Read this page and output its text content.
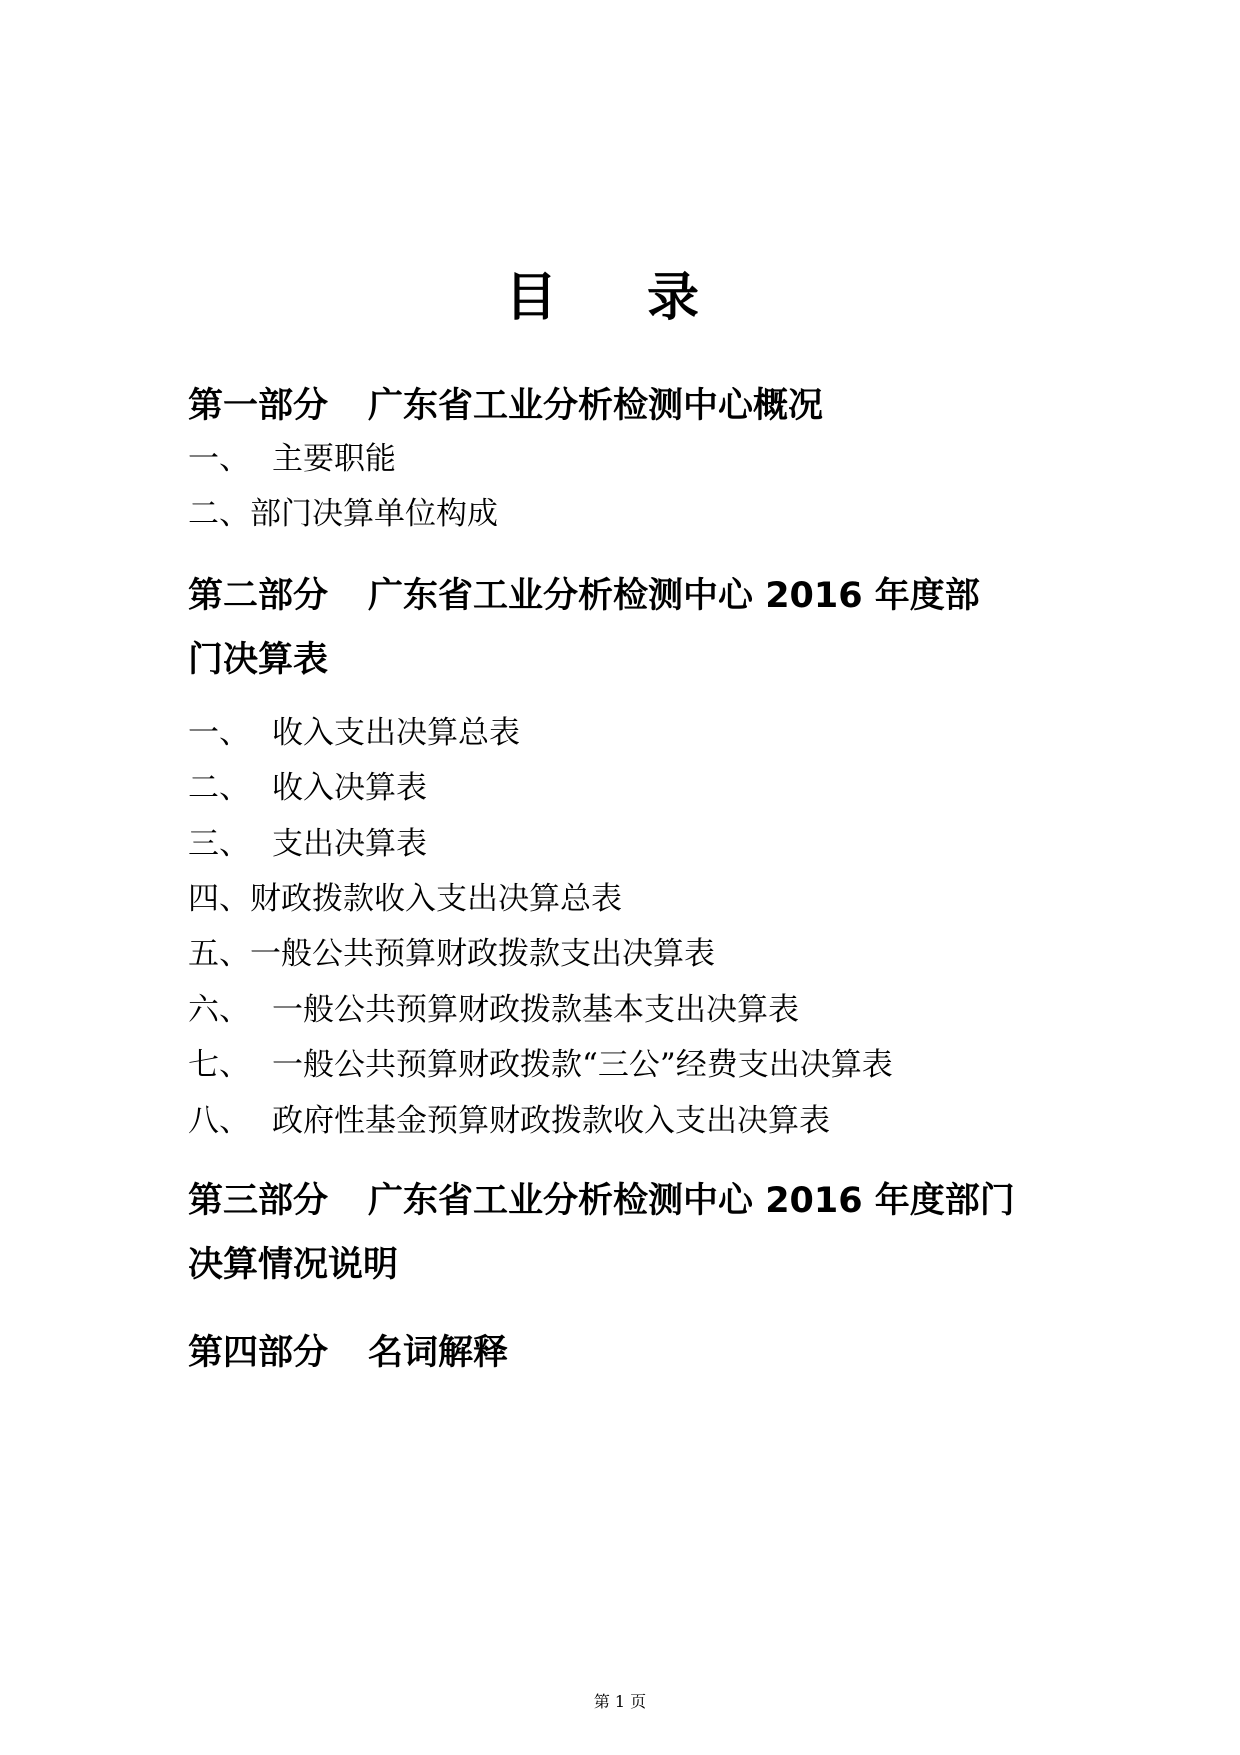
目 录
第一部分 广东省工业分析检测中心概况
一、 主要职能
二、部门决算单位构成
第二部分 广东省工业分析检测中心 2016 年度部
门决算表
一、 收入支出决算总表
二、 收入决算表
三、 支出决算表
四、财政拨款收入支出决算总表
五、一般公共预算财政拨款支出决算表
六、 一般公共预算财政拨款基本支出决算表
七、 一般公共预算财政拨款“三公”经费支出决算表
八、 政府性基金预算财政拨款收入支出决算表
第三部分 广东省工业分析检测中心 2016 年度部门
决算情况说明
第四部分 名词解释
第 1 页
